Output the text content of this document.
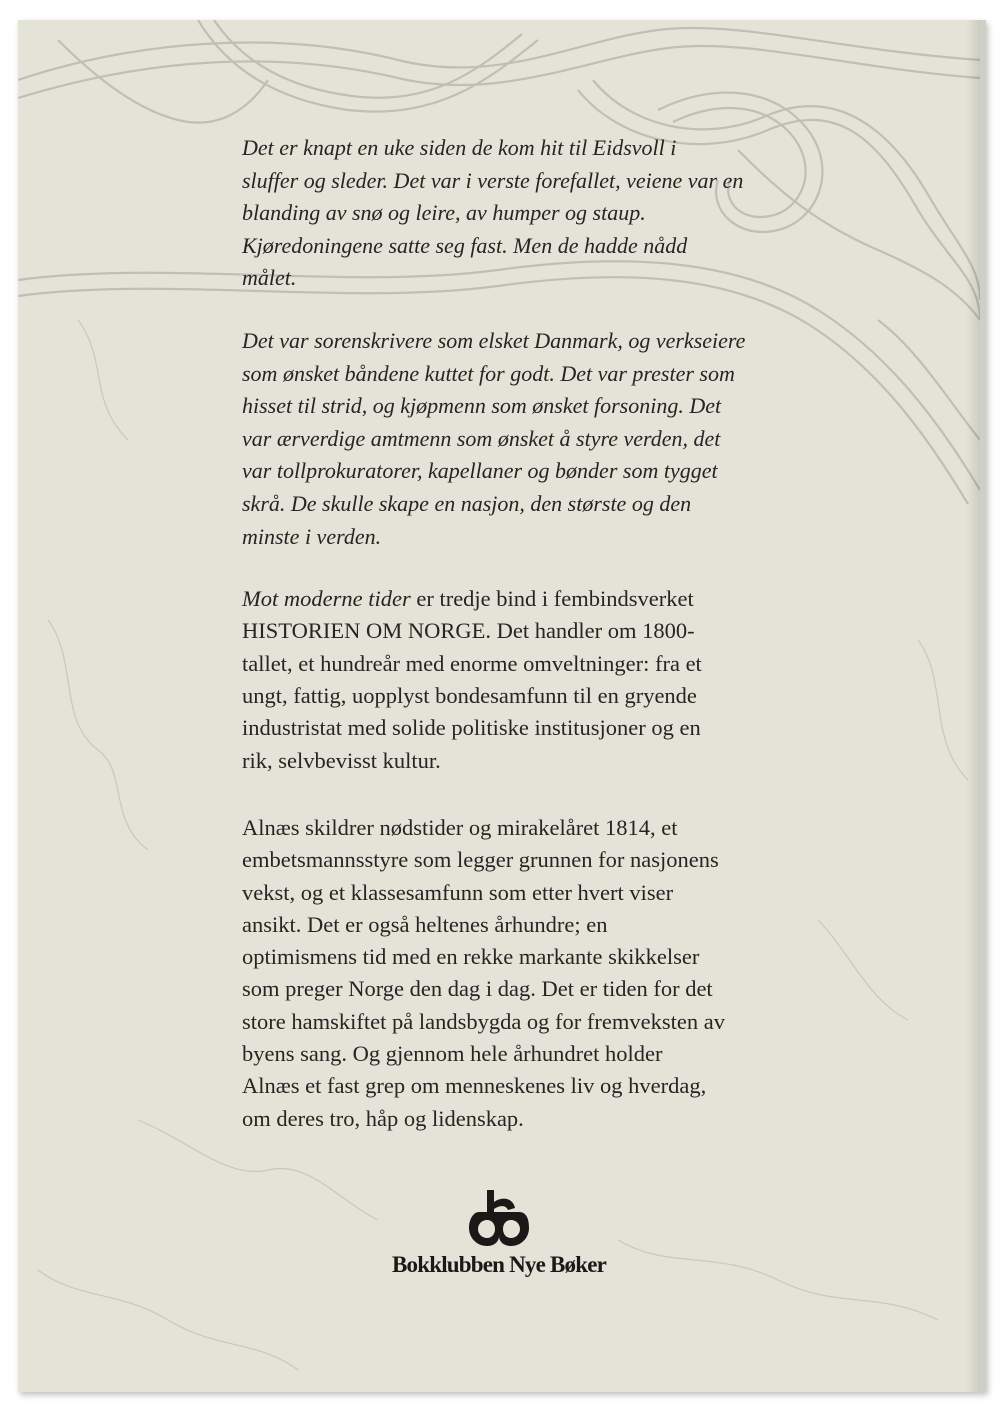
Det er knapt en uke siden de kom hit til Eidsvoll i
sluffer og sleder. Det var i verste forefallet, veiene var en
blanding av snø og leire, av humper og staup.
Kjøredoningene satte seg fast. Men de hadde nådd
målet.

Det var sorenskrivere som elsket Danmark, og verkseiere
som ønsket båndene kuttet for godt. Det var prester som
hisset til strid, og kjøpmenn som ønsket forsoning. Det
var ærverdige amtmenn som ønsket å styre verden, det
var tollprokuratorer, kapellaner og bønder som tygget
skrå. De skulle skape en nasjon, den største og den
minste i verden.

Mot moderne tider er tredje bind i fembindsverket
HISTORIEN OM NORGE. Det handler om 1800-
tallet, et hundreår med enorme omveltninger: fra et
ungt, fattig, uopplyst bondesamfunn til en gryende
industristat med solide politiske institusjoner og en
rik, selvbevisst kultur.

Alnæs skildrer nødstider og mirakelåret 1814, et
embetsmannsstyre som legger grunnen for nasjonens
vekst, og et klassesamfunn som etter hvert viser
ansikt. Det er også heltenes århundre; en
optimismens tid med en rekke markante skikkelser
som preger Norge den dag i dag. Det er tiden for det
store hamskiftet på landsbygda og for fremveksten av
byens sang. Og gjennom hele århundret holder
Alnæs et fast grep om menneskenes liv og hverdag,
om deres tro, håp og lidenskap.

Bokklubben Nye Bøker
